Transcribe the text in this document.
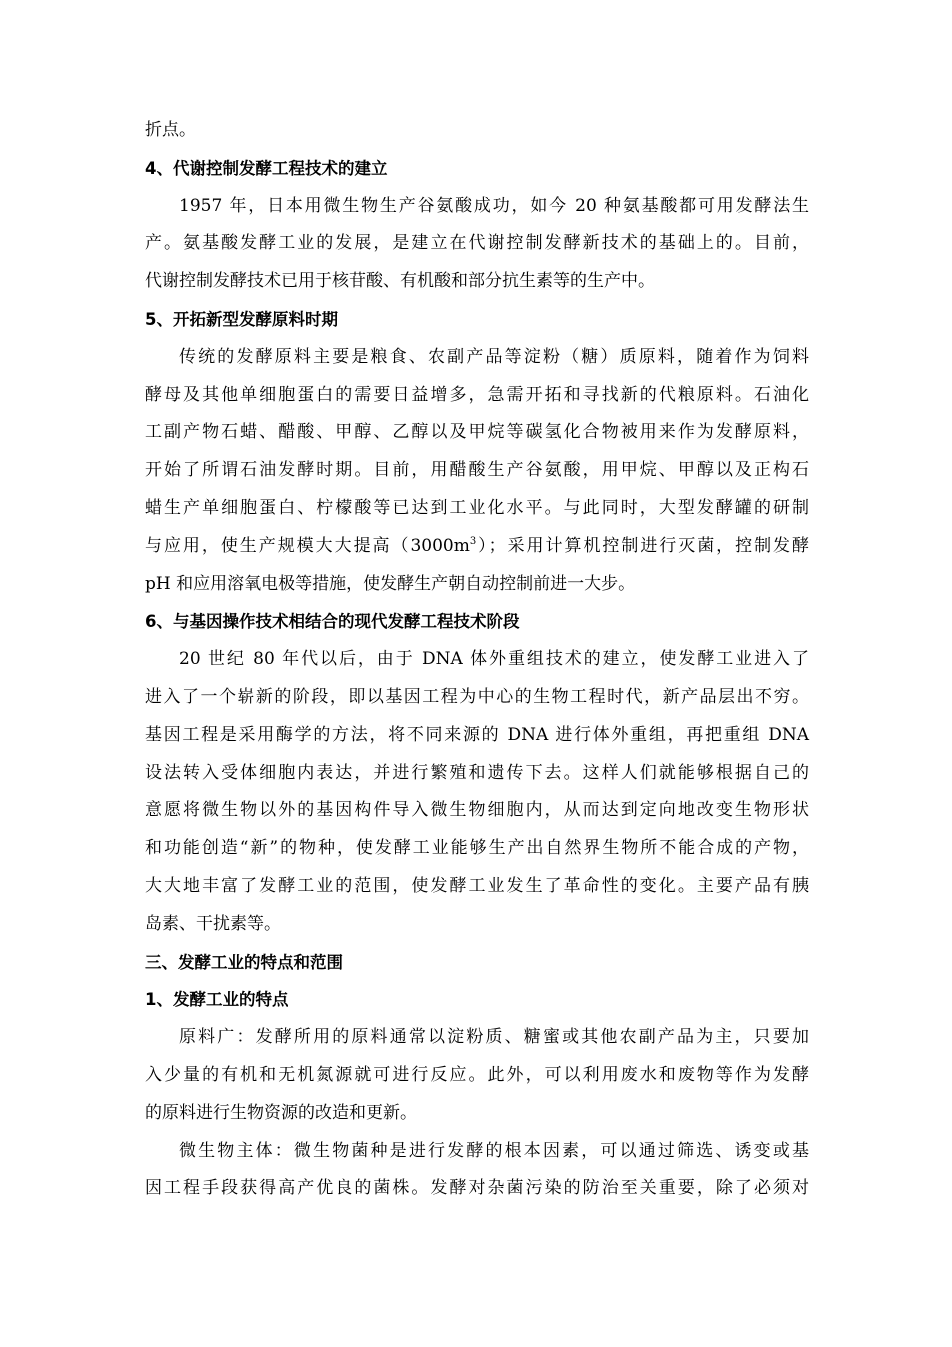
折点。
4、代谢控制发酵工程技术的建立
1957 年，日本用微生物生产谷氨酸成功，如今 20 种氨基酸都可用发酵法生
产。氨基酸发酵工业的发展，是建立在代谢控制发酵新技术的基础上的。目前，
代谢控制发酵技术已用于核苷酸、有机酸和部分抗生素等的生产中。
5、开拓新型发酵原料时期
传统的发酵原料主要是粮食、农副产品等淀粉（糖）质原料，随着作为饲料
酵母及其他单细胞蛋白的需要日益增多，急需开拓和寻找新的代粮原料。石油化
工副产物石蜡、醋酸、甲醇、乙醇以及甲烷等碳氢化合物被用来作为发酵原料，
开始了所谓石油发酵时期。目前，用醋酸生产谷氨酸，用甲烷、甲醇以及正构石
蜡生产单细胞蛋白、柠檬酸等已达到工业化水平。与此同时，大型发酵罐的研制
与应用，使生产规模大大提高$(3000m^3)$；采用计算机控制进行灭菌，控制发酵
pH 和应用溶氧电极等措施，使发酵生产朝自动控制前进一大步。
6、与基因操作技术相结合的现代发酵工程技术阶段
20 世纪 80 年代以后，由于 DNA 体外重组技术的建立，使发酵工业进入了
进入了一个崭新的阶段，即以基因工程为中心的生物工程时代，新产品层出不穷。
基因工程是采用酶学的方法，将不同来源的 DNA 进行体外重组，再把重组 DNA
设法转入受体细胞内表达，并进行繁殖和遗传下去。这样人们就能够根据自己的
意愿将微生物以外的基因构件导入微生物细胞内，从而达到定向地改变生物形状
和功能创造“新”的物种，使发酵工业能够生产出自然界生物所不能合成的产物，
大大地丰富了发酵工业的范围，使发酵工业发生了革命性的变化。主要产品有胰
岛素、干扰素等。
三、发酵工业的特点和范围
1、发酵工业的特点
原料广：发酵所用的原料通常以淀粉质、糖蜜或其他农副产品为主，只要加
入少量的有机和无机氮源就可进行反应。此外，可以利用废水和废物等作为发酵
的原料进行生物资源的改造和更新。
微生物主体：微生物菌种是进行发酵的根本因素，可以通过筛选、诱变或基
因工程手段获得高产优良的菌株。发酵对杂菌污染的防治至关重要，除了必须对
